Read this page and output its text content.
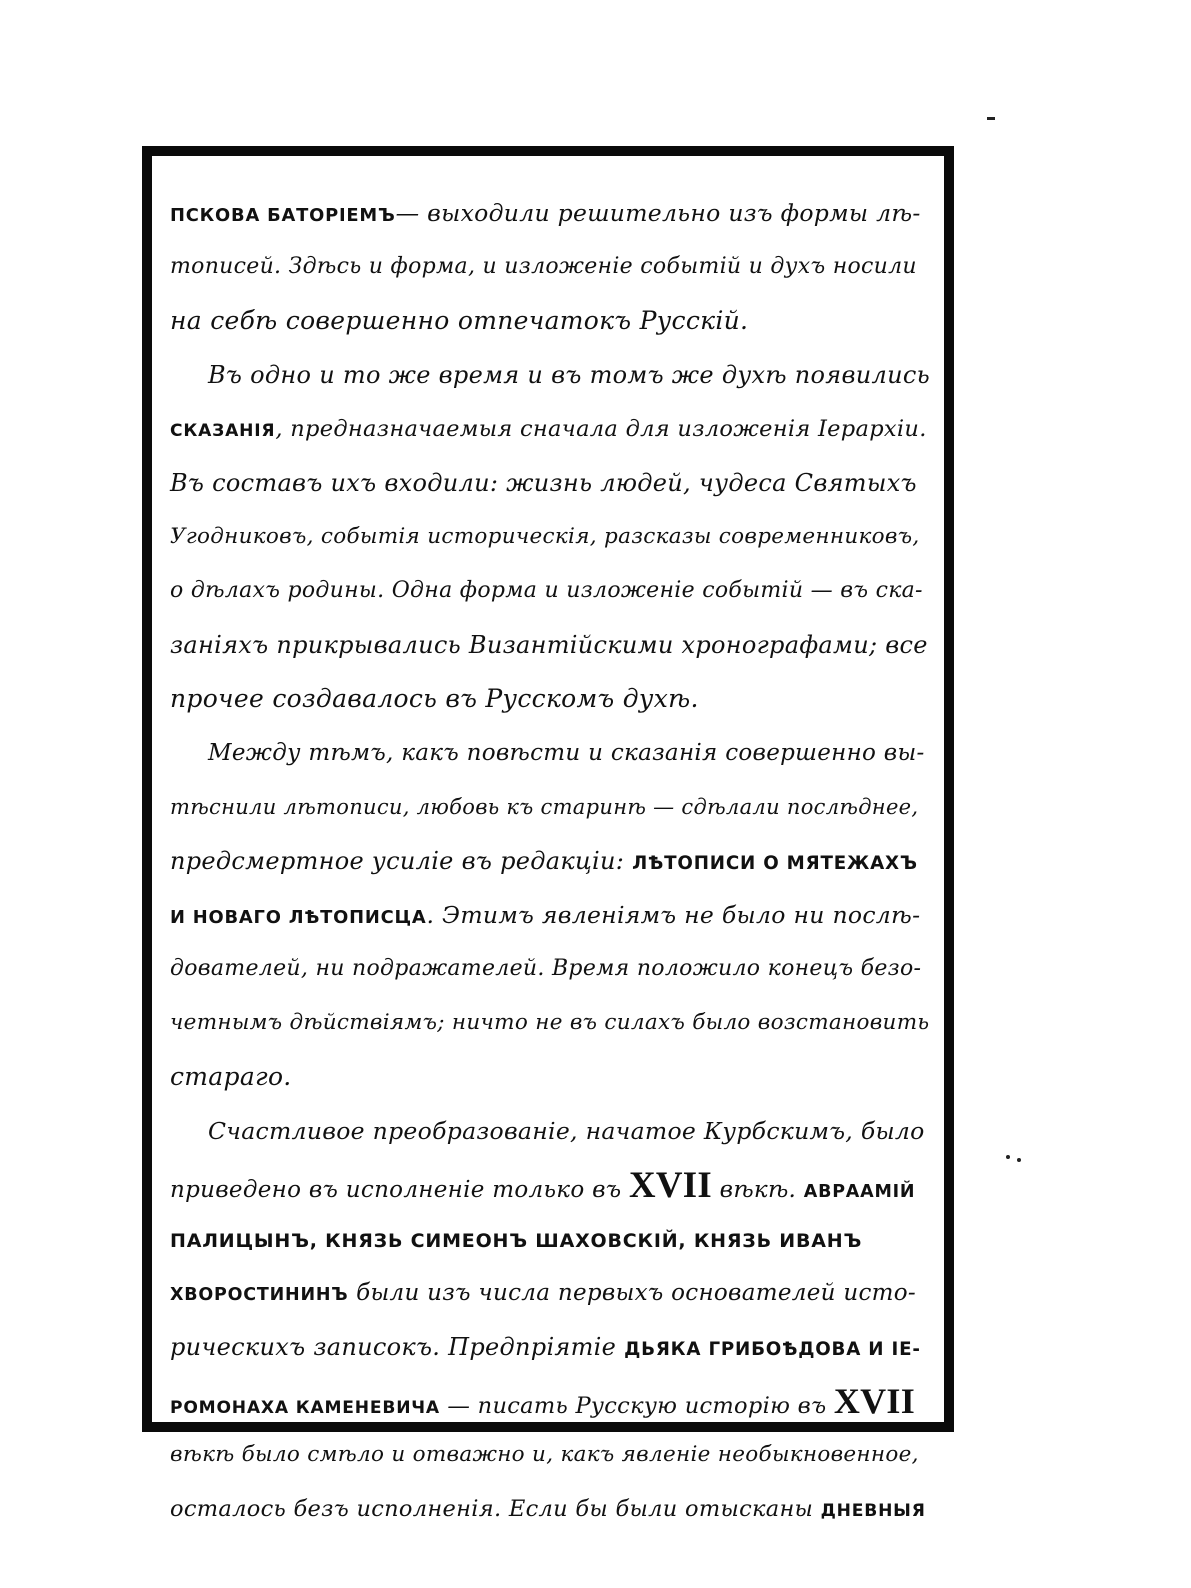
ПСКОВА БАТОРІЕМЪ— выходили решительно изъ формы лѣ-
тописей. Здѣсь и форма, и изложеніе событій и духъ носили
на себѣ совершенно отпечатокъ Русскій.
Въ одно и то же время и въ томъ же духѣ появились
СКАЗАНІЯ, предназначаемыя сначала для изложенія Іерархіи.
Въ составъ ихъ входили: жизнь людей, чудеса Святыхъ
Угодниковъ, событія историческія, разсказы современниковъ,
о дѣлахъ родины. Одна форма и изложеніе событій — въ ска-
заніяхъ прикрывались Византійскими хронографами; все
прочее создавалось въ Русскомъ духѣ.
Между тѣмъ, какъ повѣсти и сказанія совершенно вы-
тѣснили лѣтописи, любовь къ старинѣ — сдѣлали послѣднее,
предсмертное усиліе въ редакціи: ЛѢТОПИСИ О МЯТЕЖАХЪ
И НОВАГО ЛѢТОПИСЦА. Этимъ явленіямъ не было ни послѣ-
дователей, ни подражателей. Время положило конецъ безо-
четнымъ дѣйствіямъ; ничто не въ силахъ было возстановить
стараго.
Счастливое преобразованіе, начатое Курбскимъ, было
приведено въ исполненіе только въ XVII вѣкѣ. АВРААМІЙ
ПАЛИЦЫНЪ, КНЯЗЬ СИМЕОНЪ ШАХОВСКІЙ, КНЯЗЬ ИВАНЪ
ХВОРОСТИНИНЪ были изъ числа первыхъ основателей исто-
рическихъ записокъ. Предпріятіе ДЬЯКА ГРИБОѢДОВА И ІЕ-
РОМОНАХА КАМЕНЕВИЧА — писать Русскую исторію въ XVII
вѣкѣ было смѣло и отважно и, какъ явленіе необыкновенное,
осталось безъ исполненія. Если бы были отысканы ДНЕВНЫЯ
